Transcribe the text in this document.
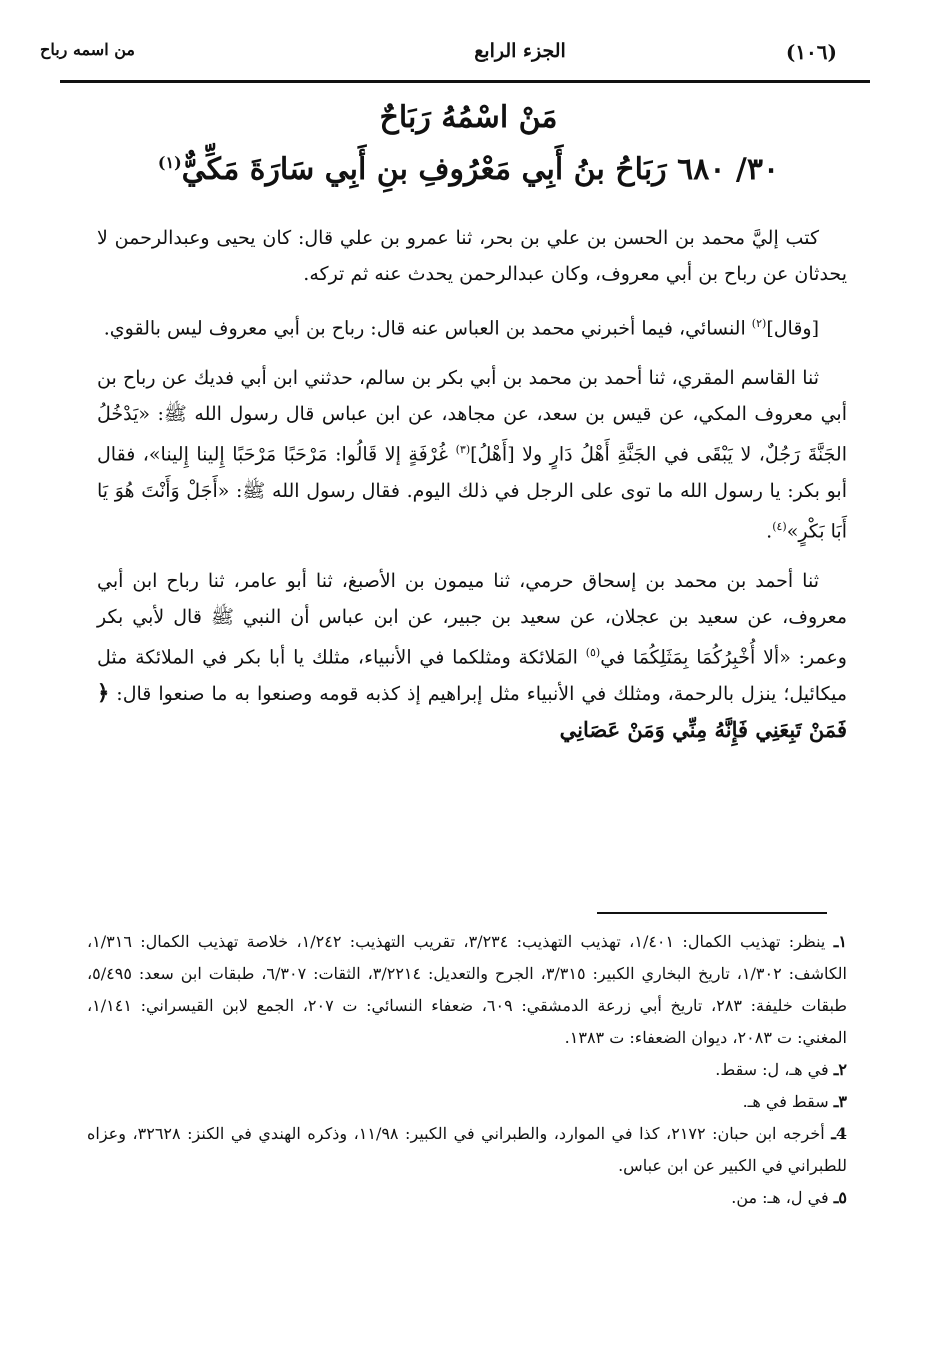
(١٠٦)
الجزء الرابع
من اسمه رباح
مَنْ اسْمُهُ رَبَاحٌ
٣٠/ ٦٨٠ رَبَاحُ بنُ أَبِي مَعْرُوفِ بنِ أَبِي سَارَةَ مَكِّيٌّ$^{(١)}$

كتب إليَّ محمد بن الحسن بن علي بن بحر، ثنا عمرو بن علي قال: كان يحيى وعبدالرحمن لا يحدثان عن رباح بن أبي معروف، وكان عبدالرحمن يحدث عنه ثم تركه.

[وقال]$^{(٢)}$ النسائي، فيما أخبرني محمد بن العباس عنه قال: رباح بن أبي معروف ليس بالقوي.

ثنا القاسم المقري، ثنا أحمد بن محمد بن أبي بكر بن سالم، حدثني ابن أبي فديك عن رباح بن أبي معروف المكي، عن قيس بن سعد، عن مجاهد، عن ابن عباس قال رسول الله ﷺ: «يَدْخُلُ الجَنَّةَ رَجُلٌ، لا يَبْقَى في الجَنَّةِ أَهْلُ دَارٍ ولا [أَهْلُ]$^{(٣)}$ غُرْفَةٍ إلا قَالُوا: مَرْحَبًا مَرْحَبًا إِلينا إِلينا»، فقال أبو بكر: يا رسول الله ما توى على الرجل في ذلك اليوم. فقال رسول الله ﷺ: «أَجَلْ وَأَنْتَ هُوَ يَا أَبَا بَكْرٍ»$^{(٤)}$.

ثنا أحمد بن محمد بن إسحاق حرمي، ثنا ميمون بن الأصبغ، ثنا أبو عامر، ثنا رباح ابن أبي معروف، عن سعيد بن عجلان، عن سعيد بن جبير، عن ابن عباس أن النبي ﷺ قال لأبي بكر وعمر: «ألا أُخْبِرُكُمَا بِمَثَلِكُمَا في$^{(٥)}$ المَلائكة ومثلكما في الأنبياء، مثلك يا أبا بكر في الملائكة مثل ميكائيل؛ ينزل بالرحمة، ومثلك في الأنبياء مثل إبراهيم إذ كذبه قومه وصنعوا به ما صنعوا قال: ﴿ فَمَنْ تَبِعَنِي فَإِنَّهُ مِنِّي وَمَنْ عَصَانِي

١ـ ينظر: تهذيب الكمال: ١/٤٠١، تهذيب التهذيب: ٣/٢٣٤، تقريب التهذيب: ١/٢٤٢، خلاصة تهذيب الكمال: ١/٣١٦، الكاشف: ١/٣٠٢، تاريخ البخاري الكبير: ٣/٣١٥، الجرح والتعديل: ٣/٢٢١٤، الثقات: ٦/٣٠٧، طبقات ابن سعد: ٥/٤٩٥، طبقات خليفة: ٢٨٣، تاريخ أبي زرعة الدمشقي: ٦٠٩، ضعفاء النسائي: ت ٢٠٧، الجمع لابن القيسراني: ١/١٤١، المغني: ت ٢٠٨٣، ديوان الضعفاء: ت ١٣٨٣.
٢ـ في هـ، ل: سقط.
٣ـ سقط في هـ.
4ـ أخرجه ابن حبان: ٢١٧٢، كذا في الموارد، والطبراني في الكبير: ١١/٩٨، وذكره الهندي في الكنز: ٣٢٦٢٨، وعزاه للطبراني في الكبير عن ابن عباس.
٥ـ في ل، هـ: من.
